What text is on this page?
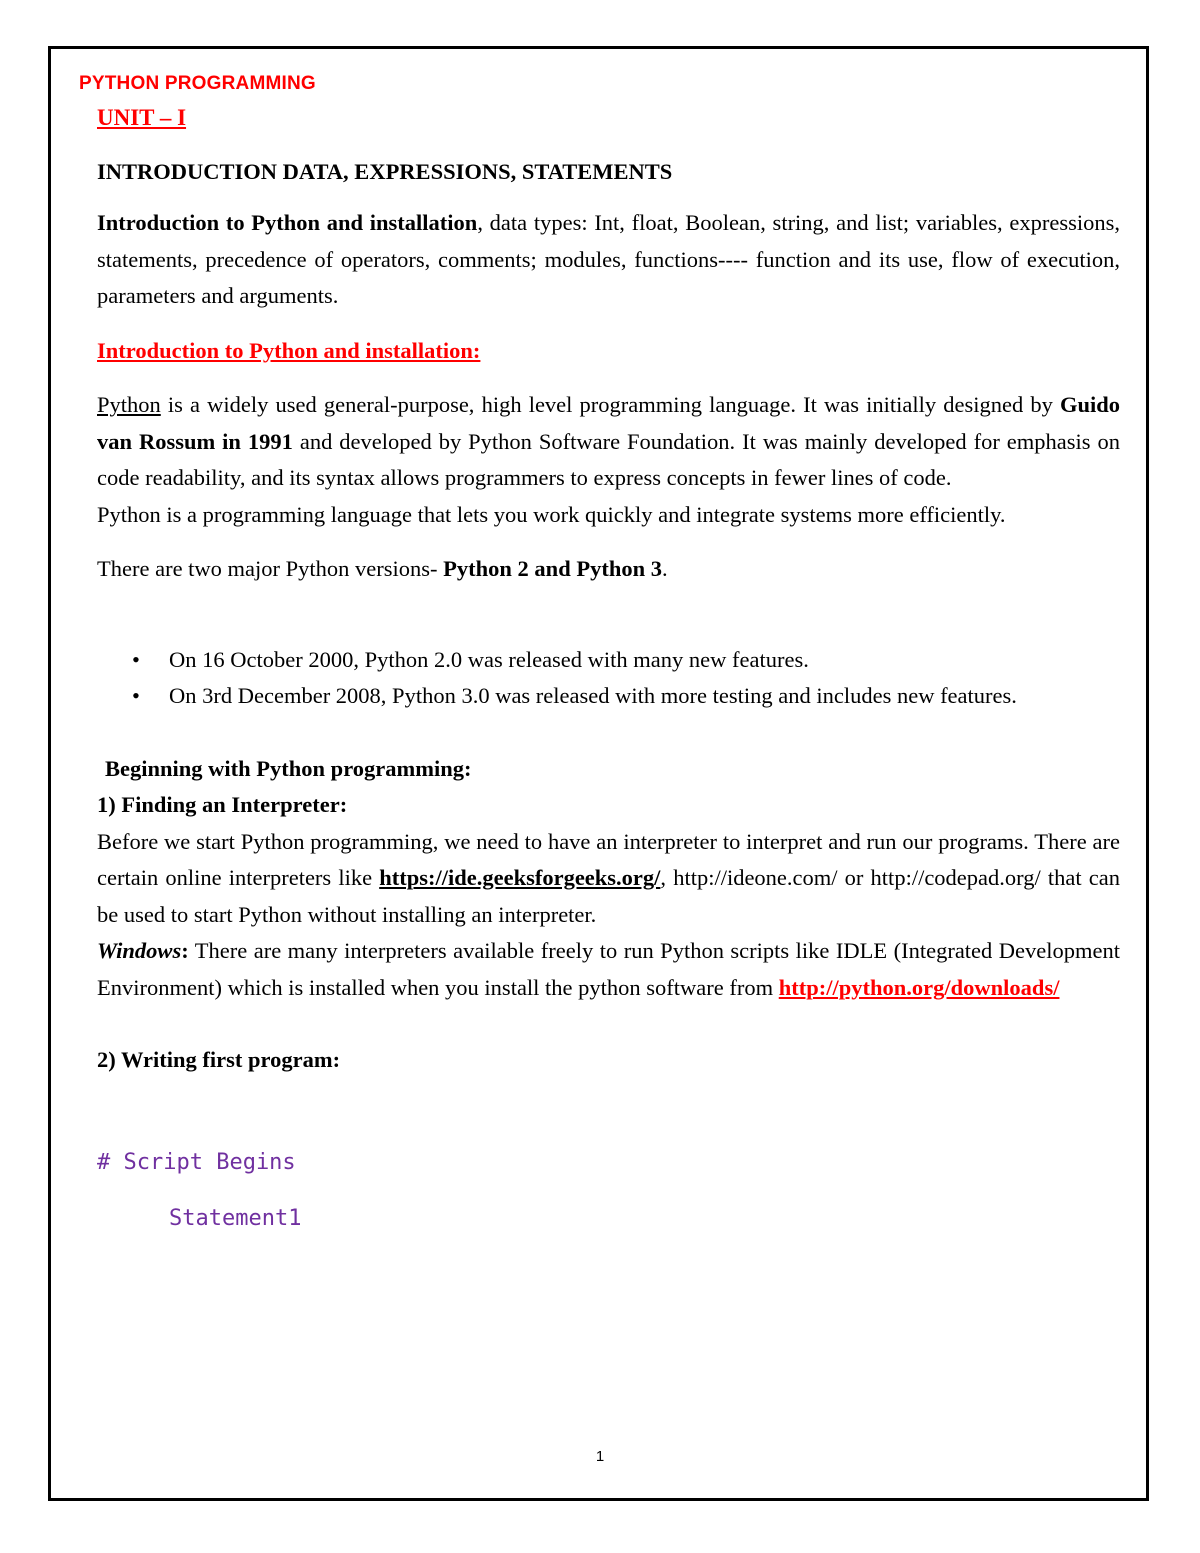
PYTHON PROGRAMMING
UNIT – I
INTRODUCTION DATA, EXPRESSIONS, STATEMENTS

Introduction to Python and installation, data types: Int, float, Boolean, string, and list; variables, expressions, statements, precedence of operators, comments; modules, functions---- function and its use, flow of execution, parameters and arguments.

Introduction to Python and installation:

Python is a widely used general-purpose, high level programming language. It was initially designed by Guido van Rossum in 1991 and developed by Python Software Foundation. It was mainly developed for emphasis on code readability, and its syntax allows programmers to express concepts in fewer lines of code.

Python is a programming language that lets you work quickly and integrate systems more efficiently.

There are two major Python versions- Python 2 and Python 3.

• On 16 October 2000, Python 2.0 was released with many new features.
• On 3rd December 2008, Python 3.0 was released with more testing and includes new features.
Beginning with Python programming:
1) Finding an Interpreter:

Before we start Python programming, we need to have an interpreter to interpret and run our programs. There are certain online interpreters like https://ide.geeksforgeeks.org/, http://ideone.com/ or http://codepad.org/ that can be used to start Python without installing an interpreter.

Windows: There are many interpreters available freely to run Python scripts like IDLE (Integrated Development Environment) which is installed when you install the python software from http://python.org/downloads/

2) Writing first program:
# Script Begins
Statement1
1
